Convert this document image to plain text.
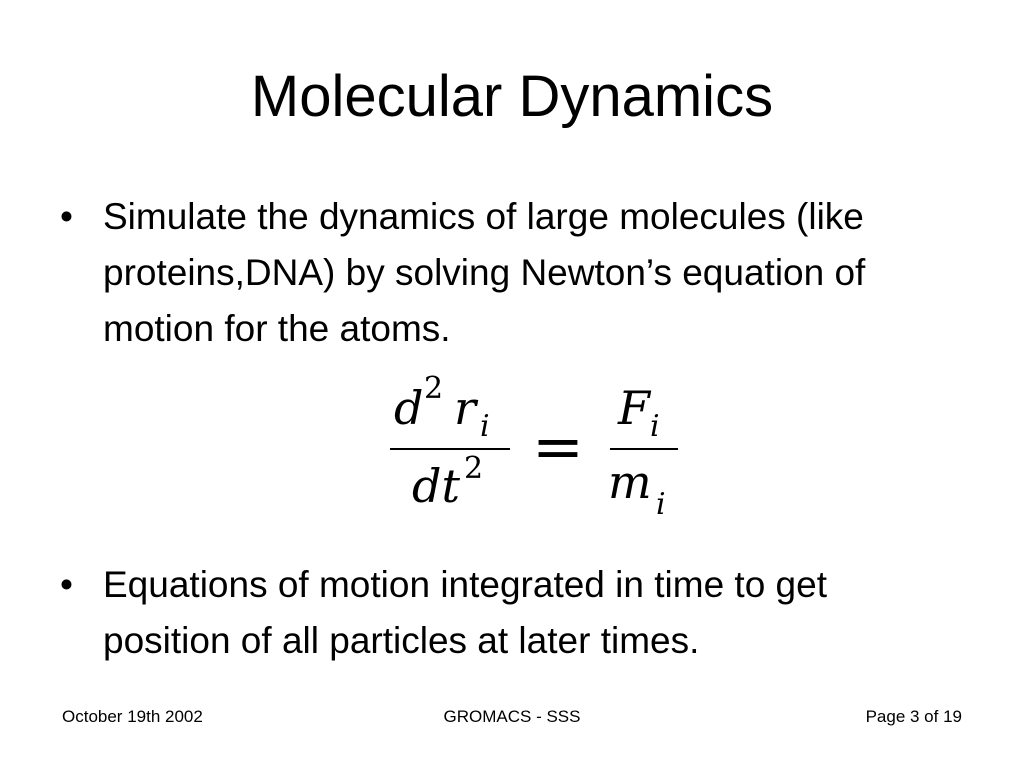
Molecular Dynamics
• Simulate the dynamics of large molecules (like proteins,DNA) by solving Newton’s equation of motion for the atoms.
d 2 r i
dt 2 =
F i
m i
• Equations of motion integrated in time to get position of all particles at later times.
October 19th 2002	GROMACS - SSS	Page 3 of 19
